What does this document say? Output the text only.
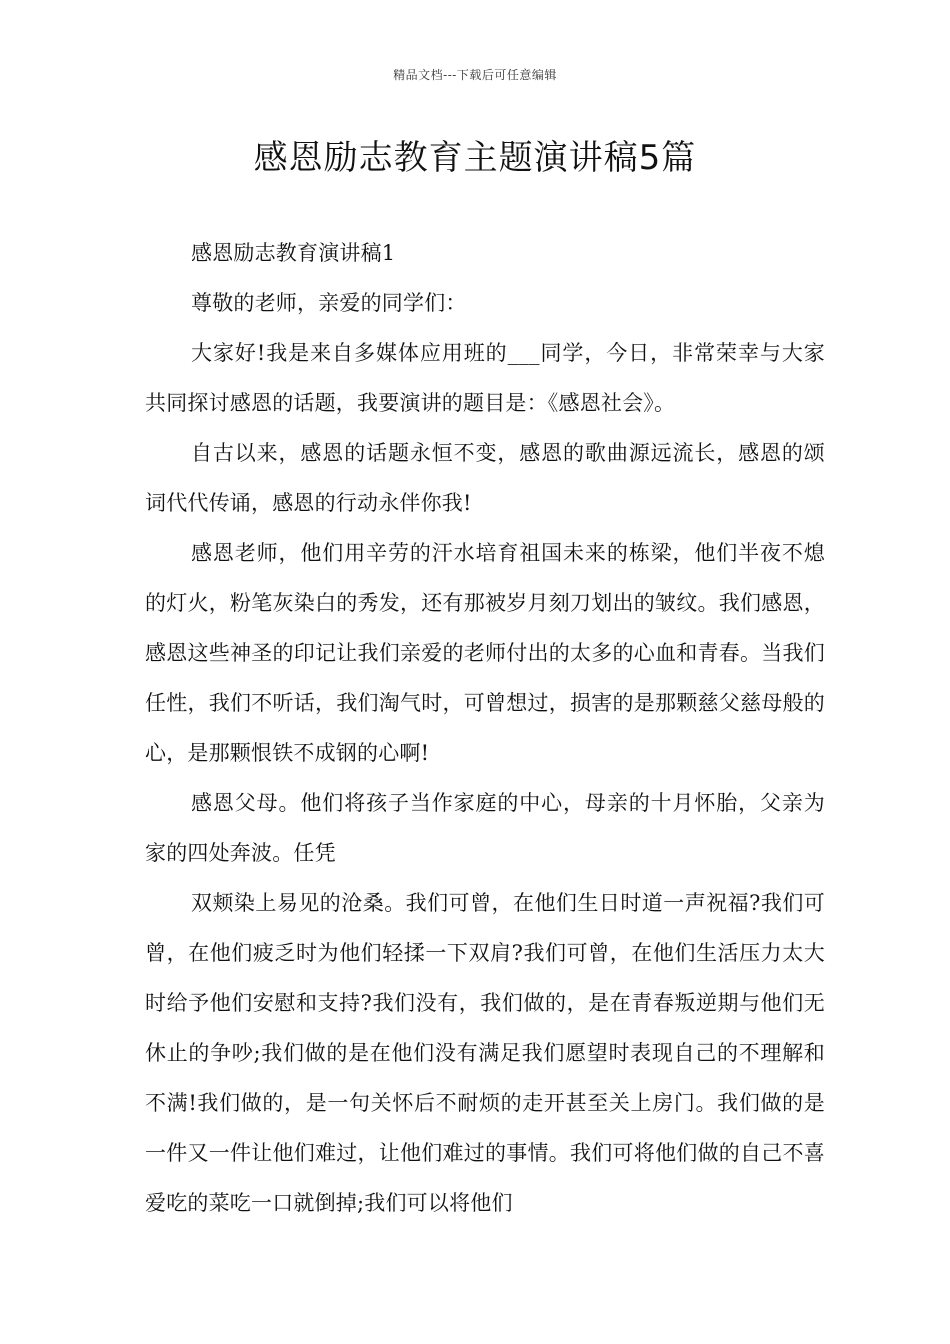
精品文档---下载后可任意编辑
感恩励志教育主题演讲稿5篇

感恩励志教育演讲稿1

尊敬的老师，亲爱的同学们：

大家好!我是来自多媒体应用班的___同学，今日，非常荣幸与大家共同探讨感恩的话题，我要演讲的题目是：《感恩社会》。

自古以来，感恩的话题永恒不变，感恩的歌曲源远流长，感恩的颂词代代传诵，感恩的行动永伴你我!

感恩老师，他们用辛劳的汗水培育祖国未来的栋梁，他们半夜不熄的灯火，粉笔灰染白的秀发，还有那被岁月刻刀划出的皱纹。我们感恩，感恩这些神圣的印记让我们亲爱的老师付出的太多的心血和青春。当我们任性，我们不听话，我们淘气时，可曾想过，损害的是那颗慈父慈母般的心，是那颗恨铁不成钢的心啊!

感恩父母。他们将孩子当作家庭的中心，母亲的十月怀胎，父亲为家的四处奔波。任凭

双颊染上易见的沧桑。我们可曾，在他们生日时道一声祝福?我们可曾，在他们疲乏时为他们轻揉一下双肩?我们可曾，在他们生活压力太大时给予他们安慰和支持?我们没有，我们做的，是在青春叛逆期与他们无休止的争吵;我们做的是在他们没有满足我们愿望时表现自己的不理解和不满!我们做的，是一句关怀后不耐烦的走开甚至关上房门。我们做的是一件又一件让他们难过，让他们难过的事情。我们可将他们做的自己不喜爱吃的菜吃一口就倒掉;我们可以将他们
